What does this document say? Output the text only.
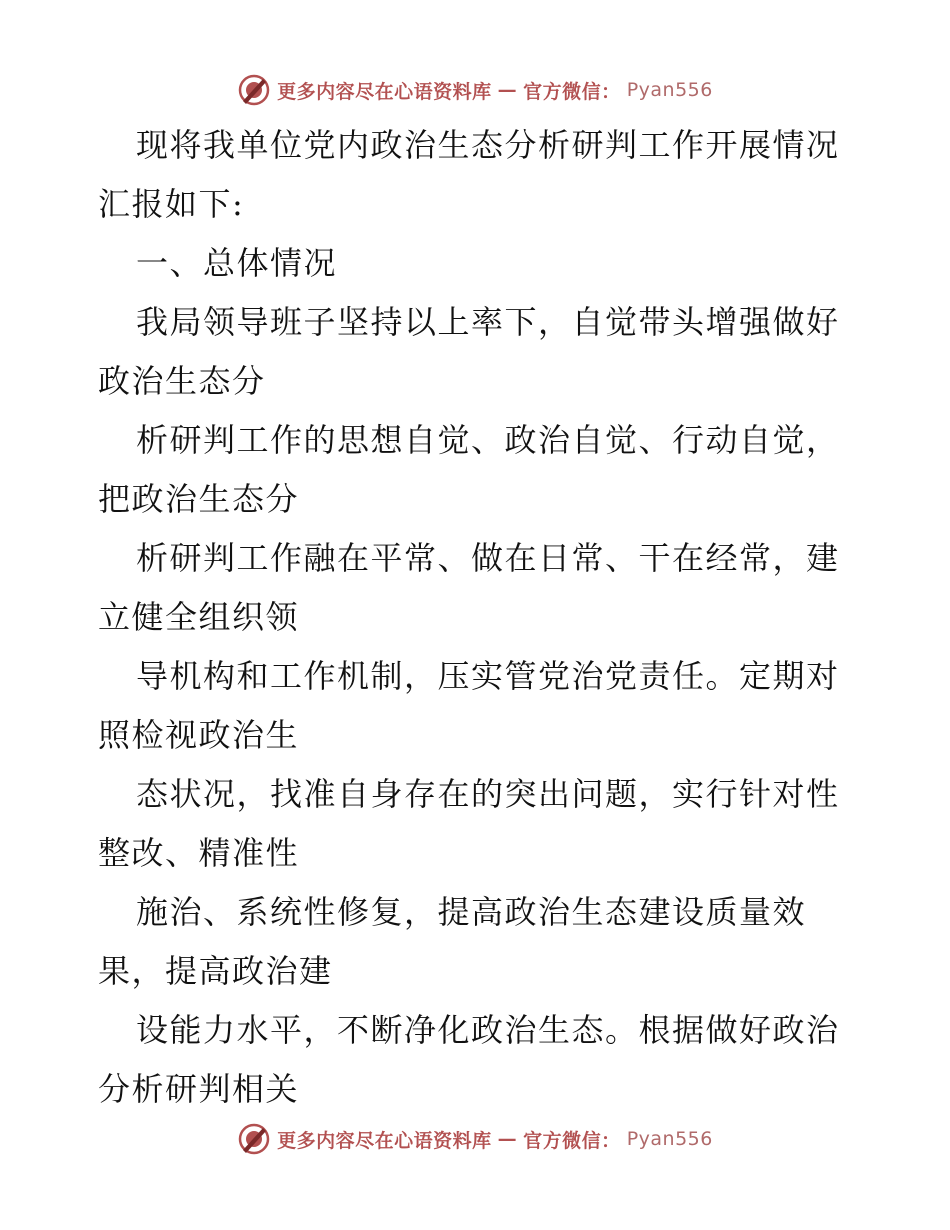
更多内容尽在心语资料库 — 官方微信： Pyan556
现将我单位党内政治生态分析研判工作开展情况
汇报如下:
一、总体情况
我局领导班子坚持以上率下，自觉带头增强做好
政治生态分
析研判工作的思想自觉、政治自觉、行动自觉，
把政治生态分
析研判工作融在平常、做在日常、干在经常，建
立健全组织领
导机构和工作机制，压实管党治党责任。定期对
照检视政治生
态状况，找准自身存在的突出问题，实行针对性
整改、精准性
施治、系统性修复，提高政治生态建设质量效
果，提高政治建
设能力水平，不断净化政治生态。根据做好政治
分析研判相关
更多内容尽在心语资料库 — 官方微信： Pyan556
